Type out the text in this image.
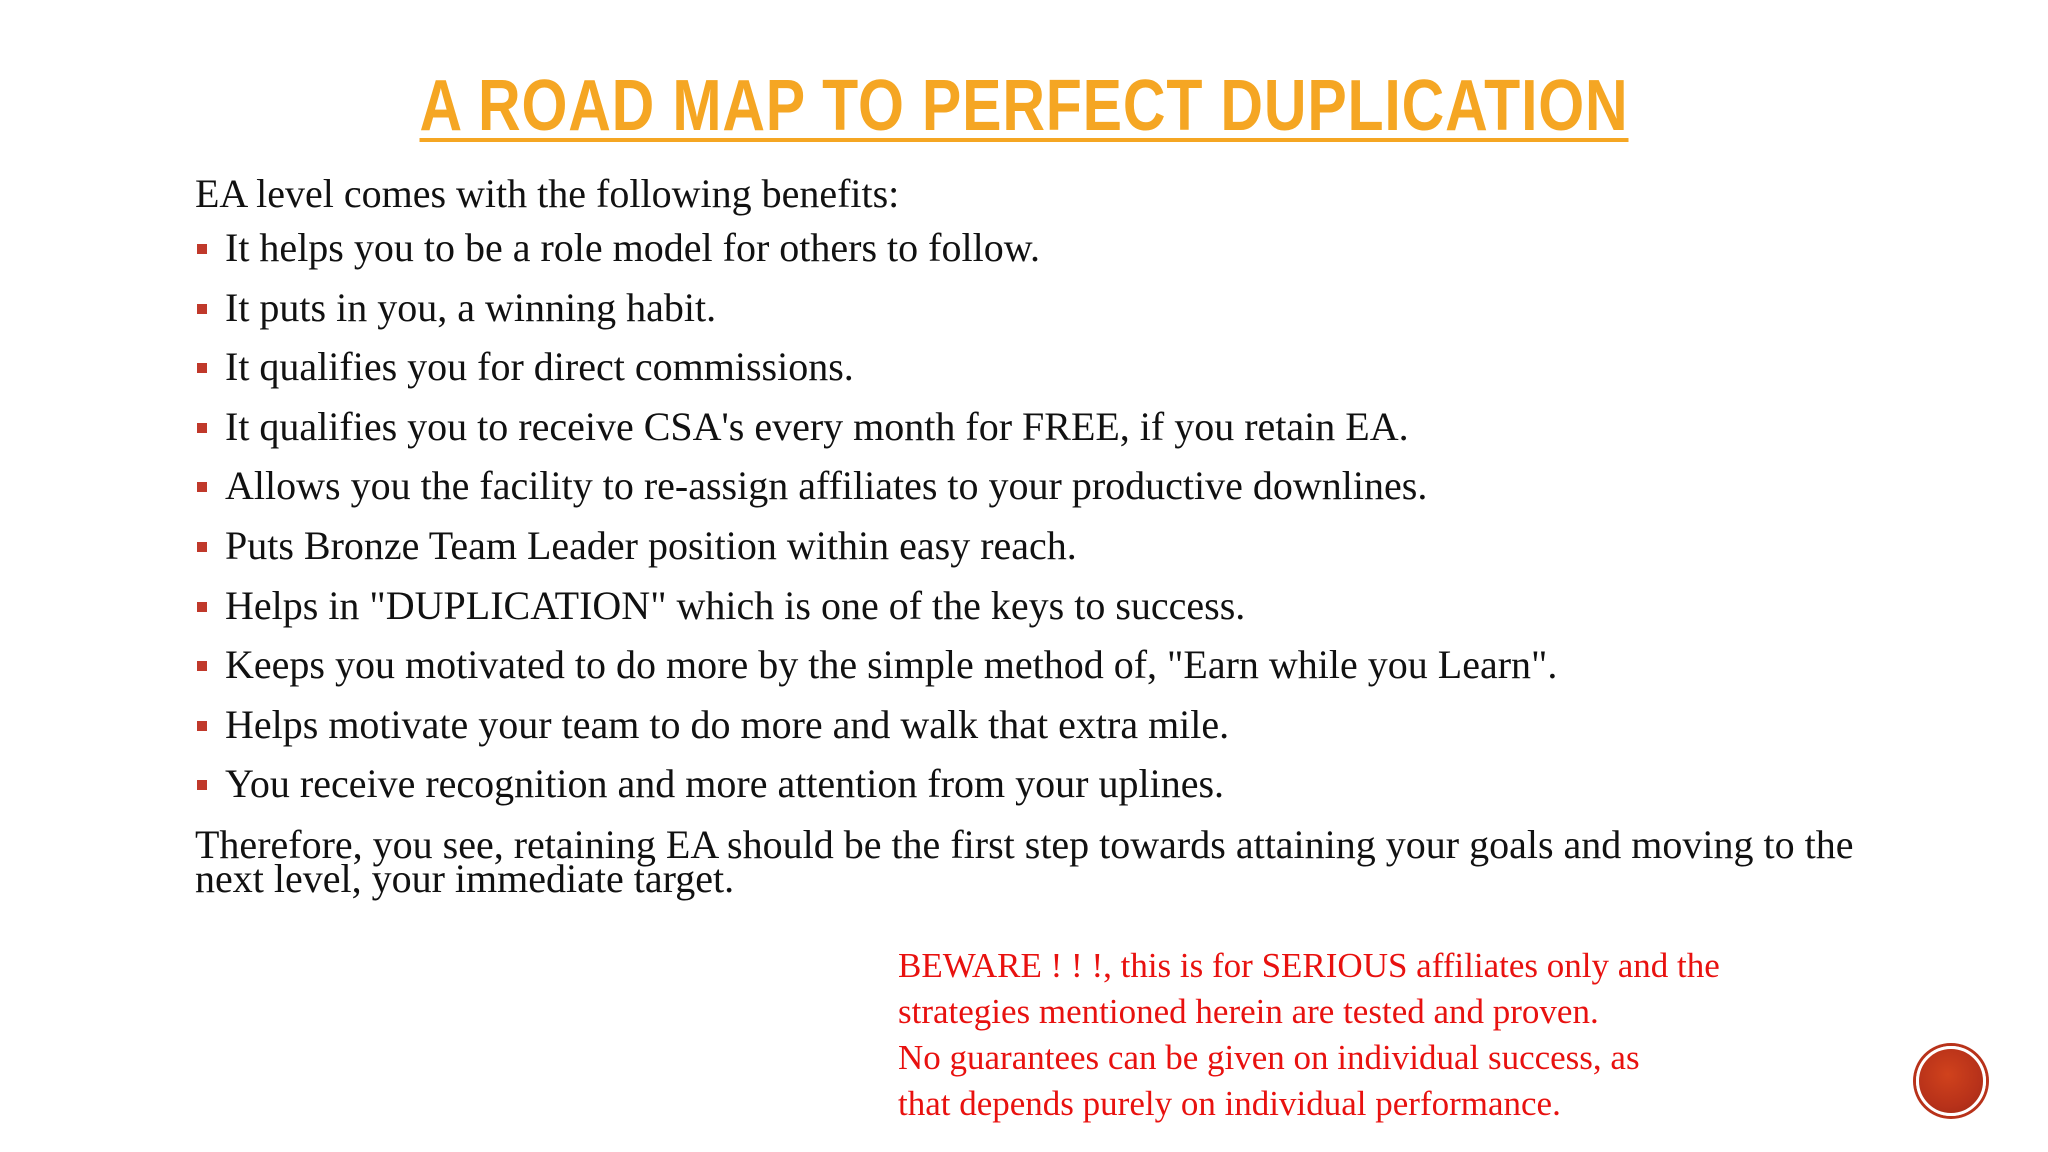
A ROAD MAP TO PERFECT DUPLICATION
EA level comes with the following benefits:
It helps you to be a role model for others to follow.
It puts in you, a winning habit.
It qualifies you for direct commissions.
It qualifies you to receive CSA's every month for FREE, if you retain EA.
Allows you the facility to re-assign affiliates to your productive downlines.
Puts Bronze Team Leader position within easy reach.
Helps in "DUPLICATION" which is one of the keys to success.
Keeps you motivated to do more by the simple method of, "Earn while you Learn".
Helps motivate your team to do more and walk that extra mile.
You receive recognition and more attention from your uplines.
Therefore, you see, retaining EA should be the first step towards attaining your goals and moving to the next level, your immediate target.
BEWARE ! ! !, this is for SERIOUS affiliates only and the
strategies mentioned herein are tested and proven.
No guarantees can be given on individual success, as
that depends purely on individual performance.
